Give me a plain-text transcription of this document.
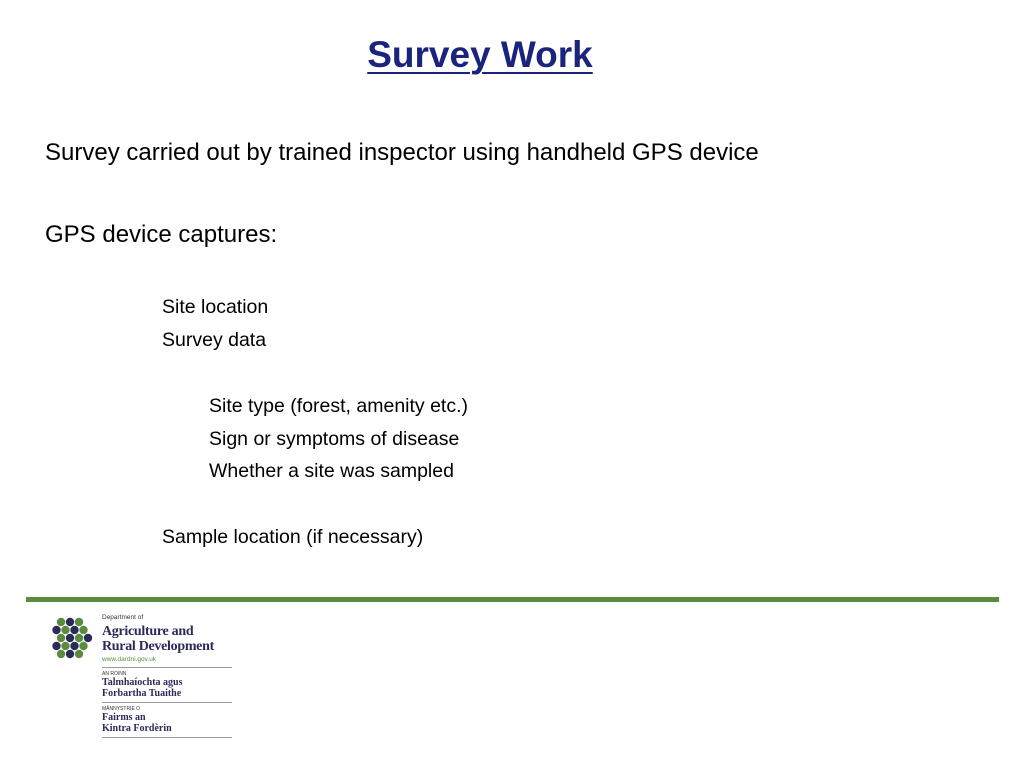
Survey Work
Survey carried out by trained inspector using handheld GPS device
GPS device captures:
Site location
Survey data
Site type (forest, amenity etc.)
Sign or symptoms of disease
Whether a site was sampled
Sample location (if necessary)
Department of
Agriculture and
Rural Development
www.dardni.gov.uk
AN ROINN
Talmhaíochta agus
Forbartha Tuaithe
MÄNNYSTRIE O
Fairms an
Kintra Fordèrin
